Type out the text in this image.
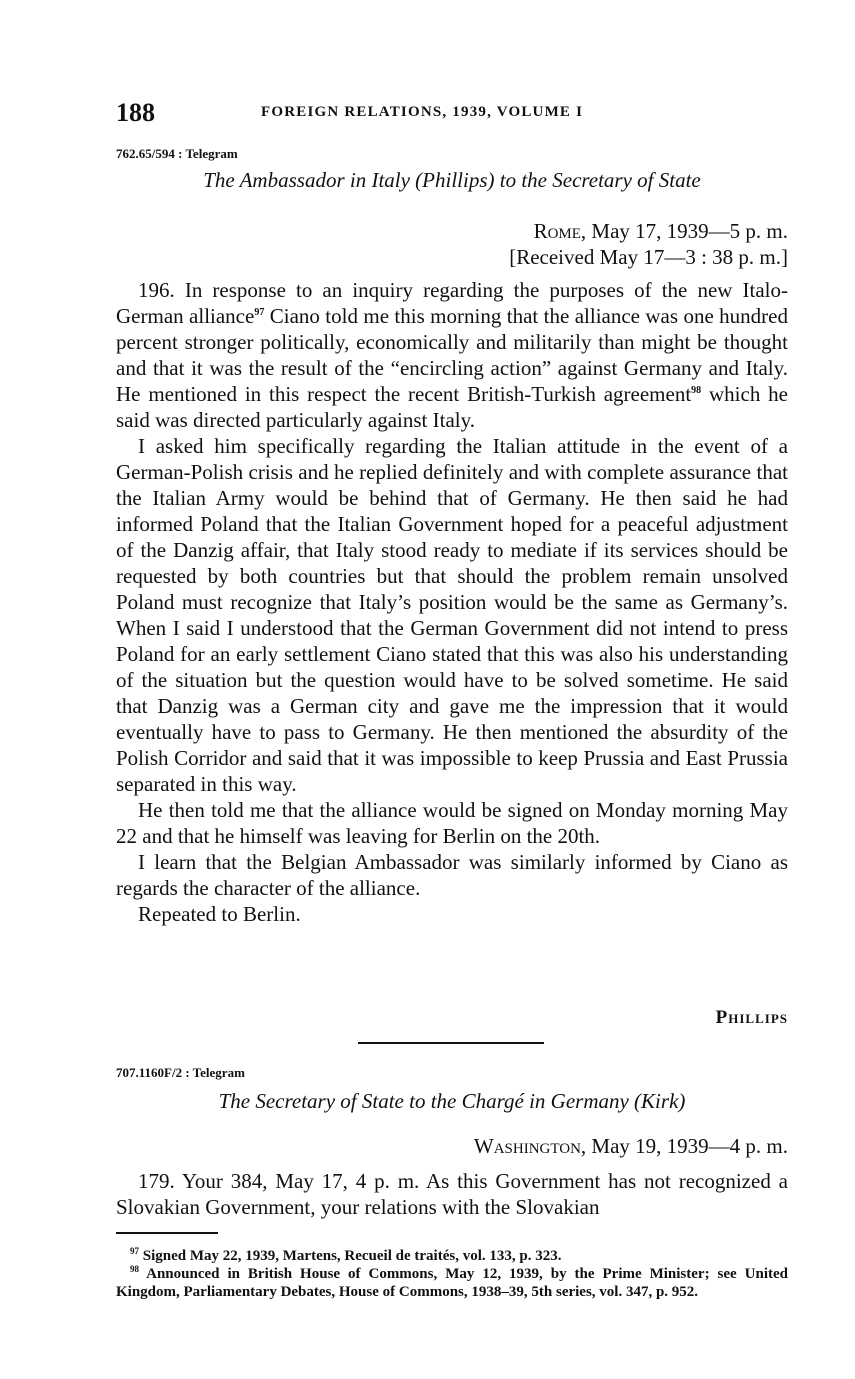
188	FOREIGN RELATIONS, 1939, VOLUME I
762.65/594 : Telegram
The Ambassador in Italy (Phillips) to the Secretary of State
Rome, May 17, 1939—5 p. m.
[Received May 17—3 : 38 p. m.]

196. In response to an inquiry regarding the purposes of the new Italo-German alliance$^{97}$ Ciano told me this morning that the alliance was one hundred percent stronger politically, economically and militarily than might be thought and that it was the result of the “encircling action” against Germany and Italy. He mentioned in this respect the recent British-Turkish agreement$^{98}$ which he said was directed particularly against Italy.

I asked him specifically regarding the Italian attitude in the event of a German-Polish crisis and he replied definitely and with complete assurance that the Italian Army would be behind that of Germany. He then said he had informed Poland that the Italian Government hoped for a peaceful adjustment of the Danzig affair, that Italy stood ready to mediate if its services should be requested by both countries but that should the problem remain unsolved Poland must recognize that Italy’s position would be the same as Germany’s. When I said I understood that the German Government did not intend to press Poland for an early settlement Ciano stated that this was also his understanding of the situation but the question would have to be solved sometime. He said that Danzig was a German city and gave me the impression that it would eventually have to pass to Germany. He then mentioned the absurdity of the Polish Corridor and said that it was impossible to keep Prussia and East Prussia separated in this way.

He then told me that the alliance would be signed on Monday morning May 22 and that he himself was leaving for Berlin on the 20th.

I learn that the Belgian Ambassador was similarly informed by Ciano as regards the character of the alliance.

Repeated to Berlin.

Phillips
707.1160F/2 : Telegram
The Secretary of State to the Chargé in Germany (Kirk)
Washington, May 19, 1939—4 p. m.

179. Your 384, May 17, 4 p. m. As this Government has not recognized a Slovakian Government, your relations with the Slovakian

$^{97}$ Signed May 22, 1939, Martens, Recueil de traités, vol. 133, p. 323.

$^{98}$ Announced in British House of Commons, May 12, 1939, by the Prime Minister; see United Kingdom, Parliamentary Debates, House of Commons, 1938–39, 5th series, vol. 347, p. 952.
